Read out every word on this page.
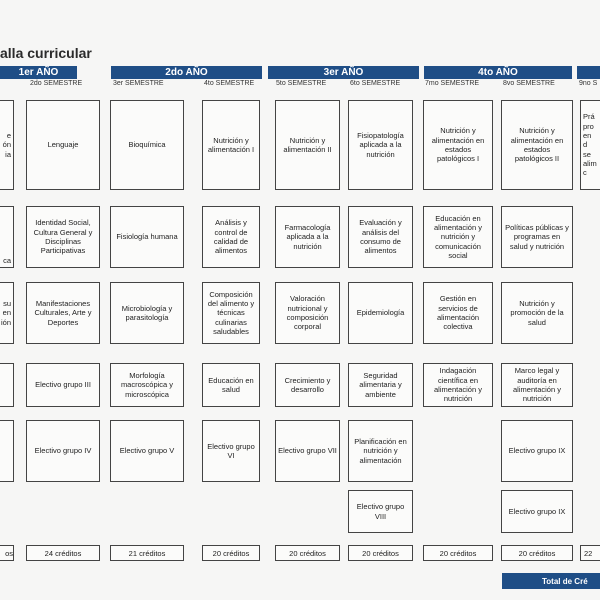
alla curricular
1er AÑO	2do AÑO	3er AÑO	4to AÑO
2do SEMESTRE	3er SEMESTRE	4to SEMESTRE	5to SEMESTRE	6to SEMESTRE	7mo SEMESTRE	8vo SEMESTRE	9no S
e
ón
ia
ca
su
en
ión
Lenguaje
Identidad Social, Cultura General y Disciplinas Participativas
Manifestaciones Culturales, Arte y Deportes
Electivo grupo III
Electivo grupo IV
Bioquímica
Fisiología humana
Microbiología y parasitología
Morfología macroscópica y microscópica
Electivo grupo V
Nutrición y alimentación I
Análisis y control de calidad de alimentos
Composición del alimento y técnicas culinarias saludables
Educación en salud
Electivo grupo VI
Nutrición y alimentación II
Farmacología aplicada a la nutrición
Valoración nutricional y composición corporal
Crecimiento y desarrollo
Electivo grupo VII
Fisiopatología aplicada a la nutrición
Evaluación y análisis del consumo de alimentos
Epidemiología
Seguridad alimentaria y ambiente
Planificación en nutrición y alimentación
Electivo grupo VIII
Nutrición y alimentación en estados patológicos I
Educación en alimentación y nutrición y comunicación social
Gestión en servicios de alimentación colectiva
Indagación científica en alimentación y nutrición
Nutrición y alimentación en estados patológicos II
Políticas públicas y programas en salud y nutrición
Nutrición y promoción de la salud
Marco legal y auditoría en alimentación y nutrición
Electivo grupo IX
Electivo grupo IX
Prá
pro
en
d
se
alim
c
os	24 créditos	21 créditos	20 créditos	20 créditos	20 créditos	20 créditos	20 créditos	22
Total de Cré
